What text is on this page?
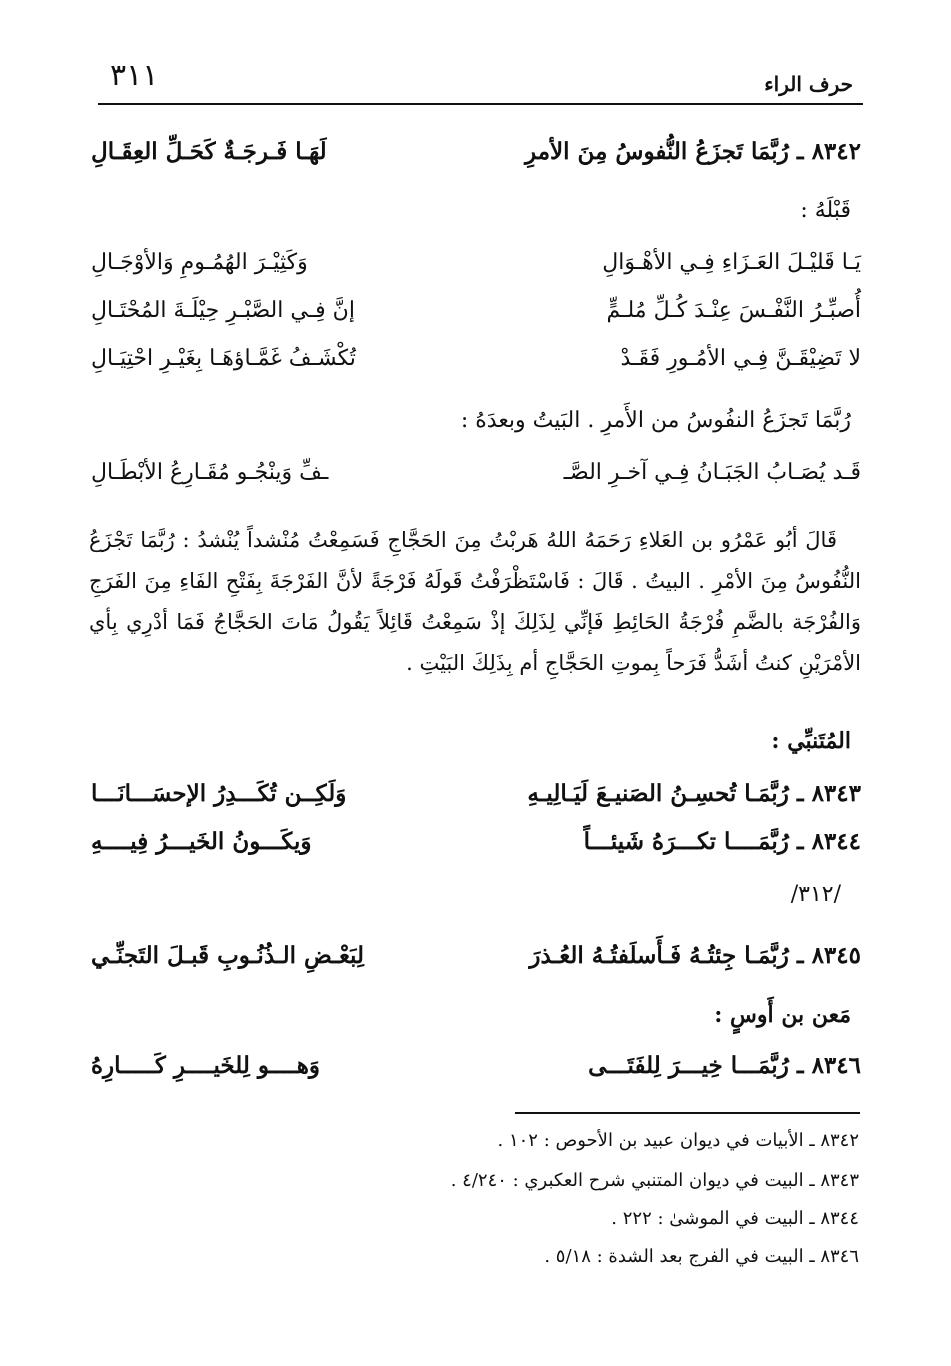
حرف الراء
٣١١
٨٣٤٢ ـ رُبَّمَا تَجزَعُ النُّفوسُ مِنَ الأمرِ
لَهَـا فَـرجَـةٌ كَحَـلِّ العِقَـالِ
قَبْلَهُ :
يَـا قَليْـلَ العَـزَاءِ فِـي الأهْـوَالِ
وَكَثِيْـرَ الهُمُـومِ وَالأوْجَـالِ
أُصبِّـرُ النَّفْـسَ عِنْـدَ كُـلِّ مُلـمٍّ
إنَّ فِـي الصَّبْـرِ حِيْلَـةَ المُحْتَـالِ
لا تَضِيْقَـنَّ فِـي الأمُـورِ فَقَـدْ
تُكْشَـفُ غَمَّـاؤهَـا بِغَيْـرِ احْتِيَـالِ
رُبَّمَا تَجزَعُ النفُوسُ من الأَمرِ . البَيتُ وبعدَهُ :
قَـد يُصَـابُ الجَبَـانُ فِـي آخـرِ الصَّـ
ـفِّ وَينْجُـو مُقَـارِعُ الأبْطَـالِ

قَالَ أبُو عَمْرُو بن العَلاءِ رَحَمَهُ اللهُ هَربْتُ مِنَ الحَجَّاجِ فَسَمِعْتُ مُنْشداً يُنْشدُ : رُبَّمَا تَجْزَعُ النُّفُوسُ مِنَ الأمْرِ . البيتُ . قَالَ : فَاسْتَظْرَفْتُ قَولَهُ فَرْجَةً لأنَّ الفَرْجَةَ بِفَتْحِ الفَاءِ مِنَ الفَرَجِ وَالفُرْجَة بالضَّمِ فُرْجَةُ الحَائِطِ فَإنِّي لِذَلِكَ إذْ سَمِعْتُ قَائِلاً يَقُولُ مَاتَ الحَجَّاجُ فَمَا أدْرِي بِأي الأمْرَيْنِ كنتُ أشَدُّ فَرَحاً بِموتِ الحَجَّاجِ أم بِذَلِكَ البَيْتِ .

المُتَنبِّي :
٨٣٤٣ ـ رُبَّمَـا تُحسِـنُ الصَنيـعَ لَيَـالِيـهِ
وَلَكِــن تُكَـــدِرُ الإحسَـــانَـــا
٨٣٤٤ ـ رُبَّمَــــا تكـــرَهُ شَيئـــاً
وَيكَـــونُ الخَيـــرُ فِيــــهِ
/٣١٢/
٨٣٤٥ ـ رُبَّمَـا جِئتُـهُ فَـأَسلَفتُـهُ العُـذرَ
لِبَعْـضِ الـذُنُـوبِ قَبـلَ التَجنِّـي
مَعن بن أَوسٍ :
٨٣٤٦ ـ رُبَّمَـــا خِيـــرَ لِلفَتَـــى
وَهــــو لِلخَيــــرِ كَـــــارِهُ
٨٣٤٢ ـ الأبيات في ديوان عبيد بن الأحوص : ١٠٢ .
٨٣٤٣ ـ البيت في ديوان المتنبي شرح العكبري : ٤/٢٤٠ .
٨٣٤٤ ـ البيت في الموشىٰ : ٢٢٢ .
٨٣٤٦ ـ البيت في الفرج بعد الشدة : ٥/١٨ .
